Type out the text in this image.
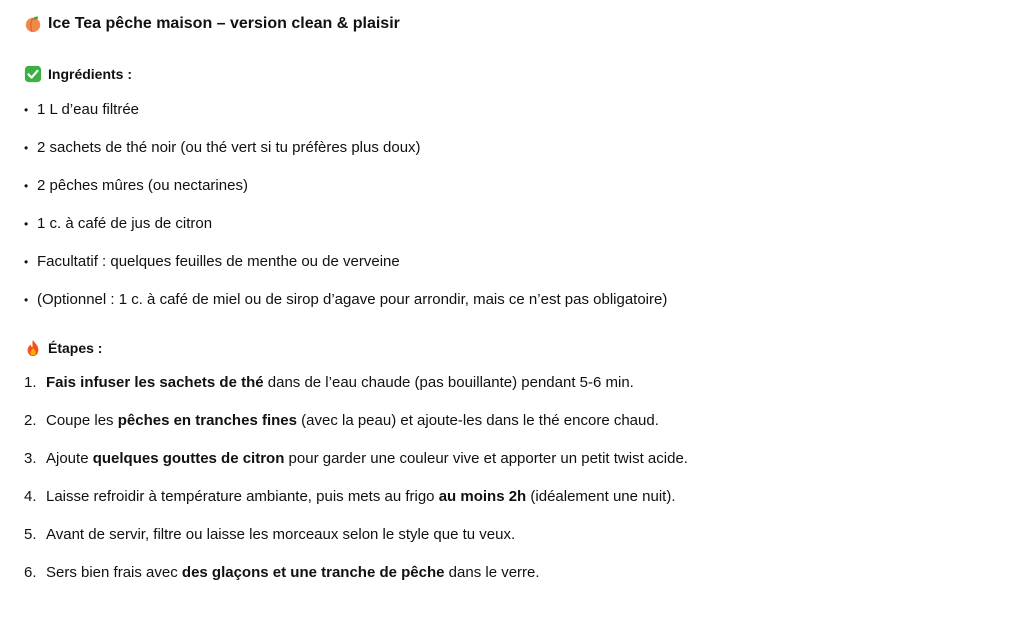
Ice Tea pêche maison – version clean & plaisir
Ingrédients :
• 1 L d’eau filtrée
• 2 sachets de thé noir (ou thé vert si tu préfères plus doux)
• 2 pêches mûres (ou nectarines)
• 1 c. à café de jus de citron
• Facultatif : quelques feuilles de menthe ou de verveine
• (Optionnel : 1 c. à café de miel ou de sirop d’agave pour arrondir, mais ce n’est pas obligatoire)
Étapes :
1. Fais infuser les sachets de thé dans de l’eau chaude (pas bouillante) pendant 5-6 min.
2. Coupe les pêches en tranches fines (avec la peau) et ajoute-les dans le thé encore chaud.
3. Ajoute quelques gouttes de citron pour garder une couleur vive et apporter un petit twist acide.
4. Laisse refroidir à température ambiante, puis mets au frigo au moins 2h (idéalement une nuit).
5. Avant de servir, filtre ou laisse les morceaux selon le style que tu veux.
6. Sers bien frais avec des glaçons et une tranche de pêche dans le verre.
